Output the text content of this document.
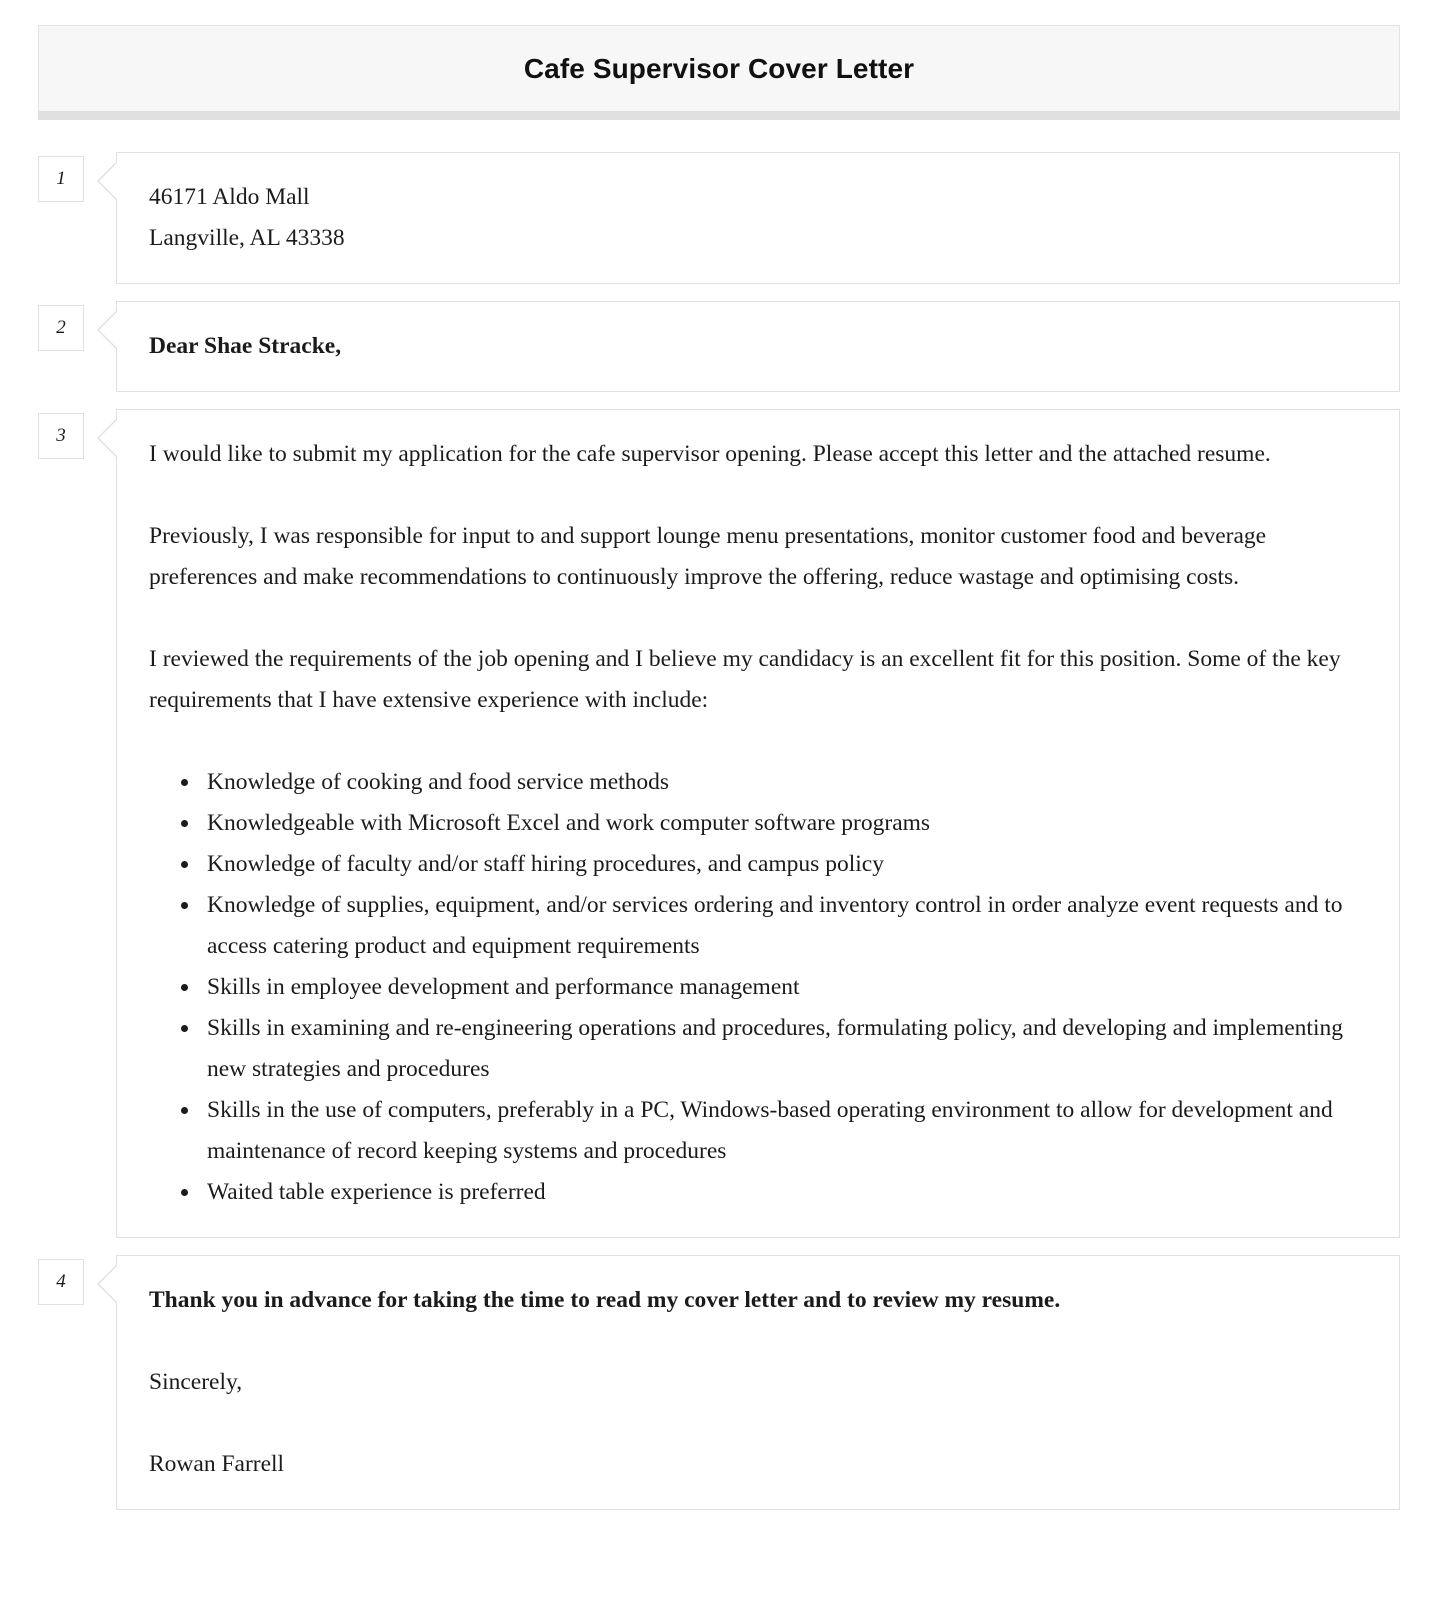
Cafe Supervisor Cover Letter
1

46171 Aldo Mall

Langville, AL 43338

2

Dear Shae Stracke,

3

I would like to submit my application for the cafe supervisor opening. Please accept this letter and the attached resume.

Previously, I was responsible for input to and support lounge menu presentations, monitor customer food and beverage preferences and make recommendations to continuously improve the offering, reduce wastage and optimising costs.

I reviewed the requirements of the job opening and I believe my candidacy is an excellent fit for this position. Some of the key requirements that I have extensive experience with include:

• Knowledge of cooking and food service methods
• Knowledgeable with Microsoft Excel and work computer software programs
• Knowledge of faculty and/or staff hiring procedures, and campus policy
• Knowledge of supplies, equipment, and/or services ordering and inventory control in order analyze event requests and to access catering product and equipment requirements
• Skills in employee development and performance management
• Skills in examining and re-engineering operations and procedures, formulating policy, and developing and implementing new strategies and procedures
• Skills in the use of computers, preferably in a PC, Windows-based operating environment to allow for development and maintenance of record keeping systems and procedures
• Waited table experience is preferred
4

Thank you in advance for taking the time to read my cover letter and to review my resume.

Sincerely,

Rowan Farrell
